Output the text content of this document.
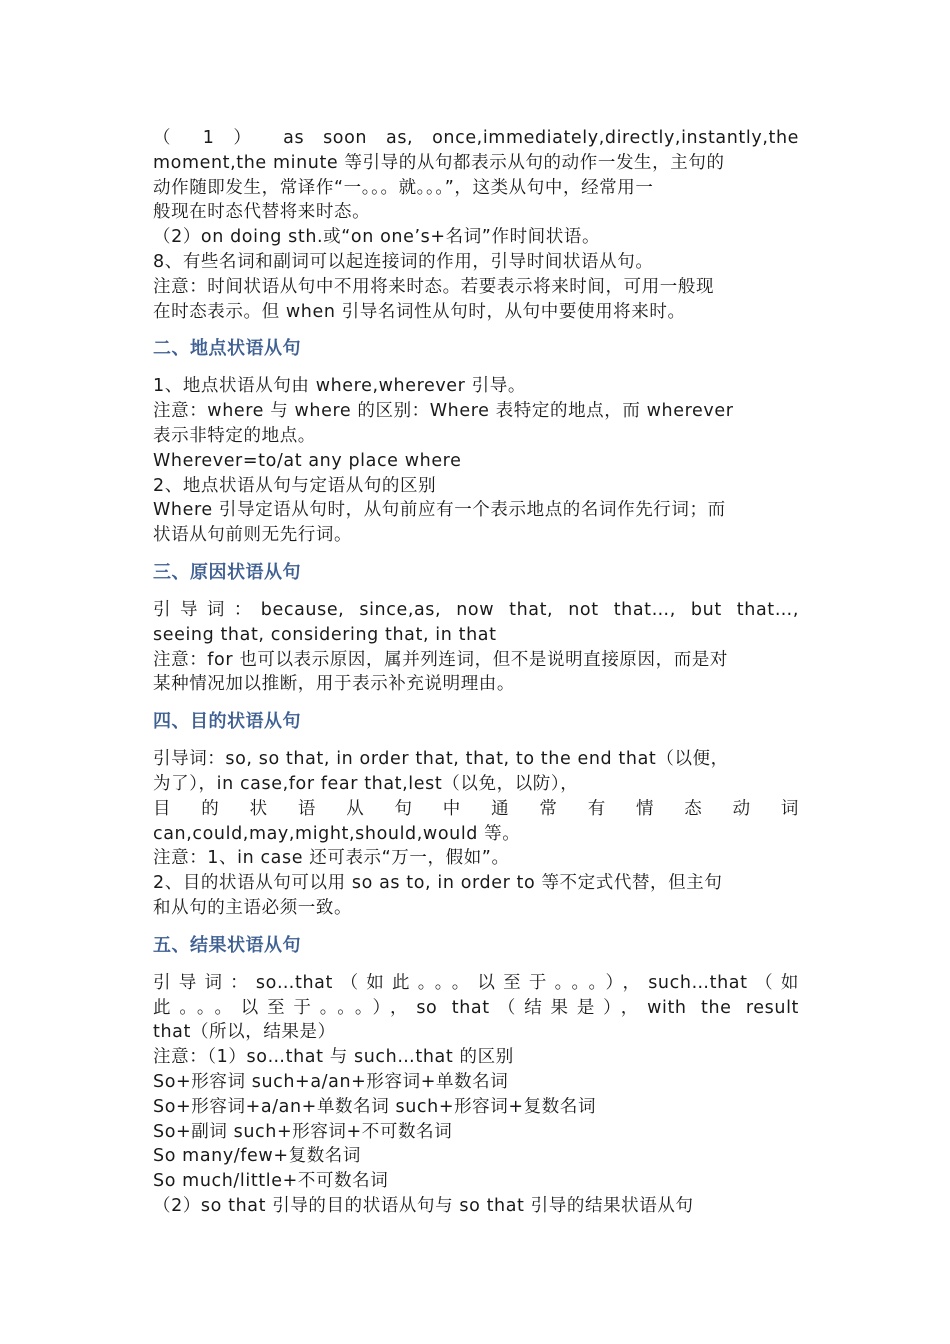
（ 1 ） as soon as, once,immediately,directly,instantly,the
moment,the minute 等引导的从句都表示从句的动作一发生，主句的
动作随即发生，常译作“一。。。就。。。”，这类从句中，经常用一
般现在时态代替将来时态。
（2）on doing sth.或“on one’s+名词”作时间状语。
8、有些名词和副词可以起连接词的作用，引导时间状语从句。
注意：时间状语从句中不用将来时态。若要表示将来时间，可用一般现
在时态表示。但 when 引导名词性从句时，从句中要使用将来时。
二、地点状语从句
1、地点状语从句由 where,wherever 引导。
注意：where 与 where 的区别：Where 表特定的地点，而 wherever
表示非特定的地点。
Wherever=to/at any place where
2、地点状语从句与定语从句的区别
Where 引导定语从句时，从句前应有一个表示地点的名词作先行词；而
状语从句前则无先行词。
三、原因状语从句
引导词：because, since,as, now that, not that…, but that…,
seeing that, considering that, in that
注意：for 也可以表示原因，属并列连词，但不是说明直接原因，而是对
某种情况加以推断，用于表示补充说明理由。
四、目的状语从句
引导词：so, so that, in order that, that, to the end that（以便，
为了），in case,for fear that,lest（以免，以防），
目 的 状 语 从 句 中 通 常 有 情 态 动 词
can,could,may,might,should,would 等。
注意：1、in case 还可表示“万一，假如”。
2、目的状语从句可以用 so as to, in order to 等不定式代替，但主句
和从句的主语必须一致。
五、结果状语从句
引导词：so…that（如此。。。以至于。。。），such…that（如
此。。。以至于。。。），so that（结果是），with the result
that（所以，结果是）
注意：（1）so…that 与 such…that 的区别
So+形容词 such+a/an+形容词+单数名词
So+形容词+a/an+单数名词 such+形容词+复数名词
So+副词 such+形容词+不可数名词
So many/few+复数名词
So much/little+不可数名词
（2）so that 引导的目的状语从句与 so that 引导的结果状语从句
